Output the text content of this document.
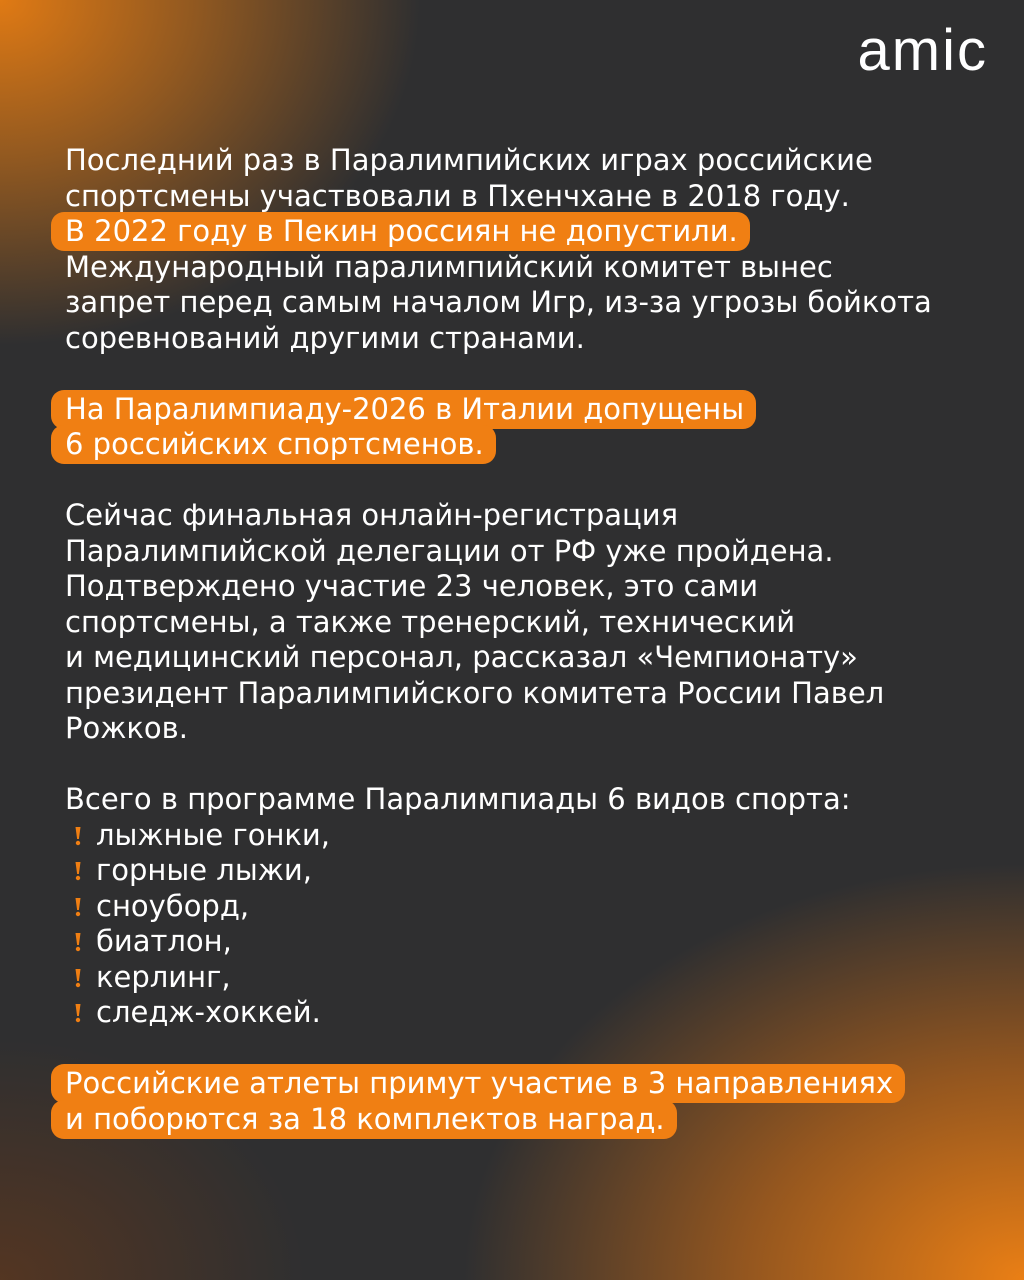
amic
Последний раз в Паралимпийских играх российские
спортсмены участвовали в Пхенчхане в 2018 году.
В 2022 году в Пекин россиян не допустили.
Международный паралимпийский комитет вынес
запрет перед самым началом Игр, из-за угрозы бойкота
соревнований другими странами.
На Паралимпиаду-2026 в Италии допущены
6 российских спортсменов.
Сейчас финальная онлайн-регистрация
Паралимпийской делегации от РФ уже пройдена.
Подтверждено участие 23 человек, это сами
спортсмены, а также тренерский, технический
и медицинский персонал, рассказал «Чемпионату»
президент Паралимпийского комитета России Павел
Рожков.
Всего в программе Паралимпиады 6 видов спорта:
лыжные гонки,
горные лыжи,
сноуборд,
биатлон,
керлинг,
следж-хоккей.
Российские атлеты примут участие в 3 направлениях
и поборются за 18 комплектов наград.
